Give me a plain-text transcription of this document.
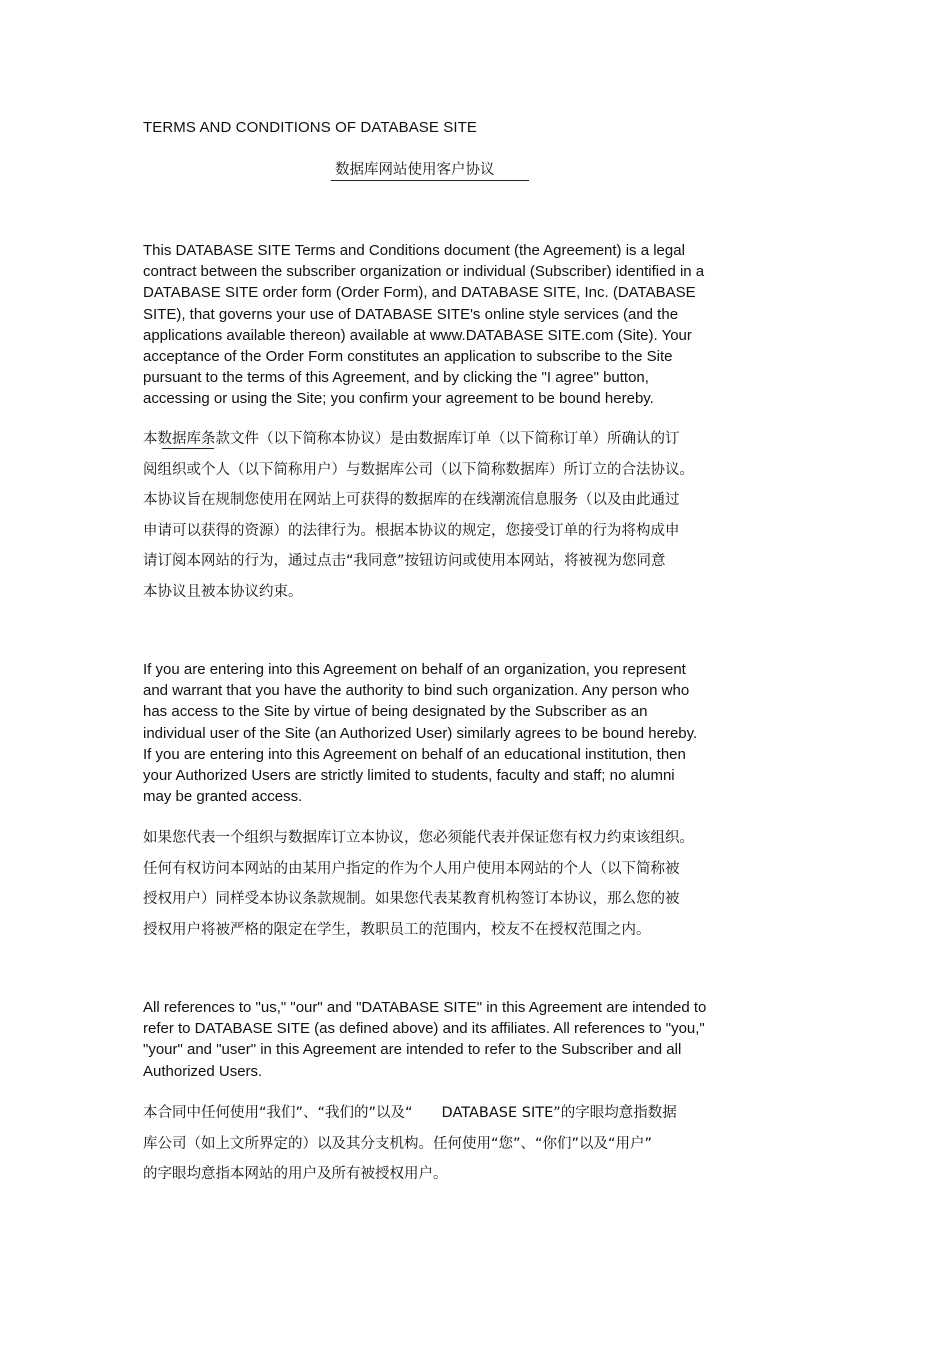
TERMS AND CONDITIONS OF DATABASE SITE
数据库网站使用客户协议

This DATABASE SITE Terms and Conditions document (the Agreement) is a legal
contract between the subscriber organization or individual (Subscriber) identified in a
DATABASE SITE order form (Order Form), and DATABASE SITE, Inc. (DATABASE
SITE), that governs your use of DATABASE SITE's online style services (and the
applications available thereon) available at www.DATABASE SITE.com (Site). Your
acceptance of the Order Form constitutes an application to subscribe to the Site
pursuant to the terms of this Agreement, and by clicking the "I agree" button,
accessing or using the Site; you confirm your agreement to be bound hereby.

本数据库条款文件（以下简称本协议）是由数据库订单（以下简称订单）所确认的订
阅组织或个人（以下简称用户）与数据库公司（以下简称数据库）所订立的合法协议。
本协议旨在规制您使用在网站上可获得的数据库的在线潮流信息服务（以及由此通过
申请可以获得的资源）的法律行为。根据本协议的规定，您接受订单的行为将构成申
请订阅本网站的行为，通过点击“我同意”按钮访问或使用本网站，将被视为您同意
本协议且被本协议约束。

If you are entering into this Agreement on behalf of an organization, you represent
and warrant that you have the authority to bind such organization. Any person who
has access to the Site by virtue of being designated by the Subscriber as an
individual user of the Site (an Authorized User) similarly agrees to be bound hereby.
If you are entering into this Agreement on behalf of an educational institution, then
your Authorized Users are strictly limited to students, faculty and staff; no alumni
may be granted access.

如果您代表一个组织与数据库订立本协议，您必须能代表并保证您有权力约束该组织。
任何有权访问本网站的由某用户指定的作为个人用户使用本网站的个人（以下简称被
授权用户）同样受本协议条款规制。如果您代表某教育机构签订本协议，那么您的被
授权用户将被严格的限定在学生，教职员工的范围内，校友不在授权范围之内。

All references to "us," "our" and "DATABASE SITE" in this Agreement are intended to
refer to DATABASE SITE (as defined above) and its affiliates. All references to "you,"
"your" and "user" in this Agreement are intended to refer to the Subscriber and all
Authorized Users.

本合同中任何使用“我们”、“我们的”以及“　　DATABASE SITE”的字眼均意指数据
库公司（如上文所界定的）以及其分支机构。任何使用“您”、“你们”以及“用户”
的字眼均意指本网站的用户及所有被授权用户。
